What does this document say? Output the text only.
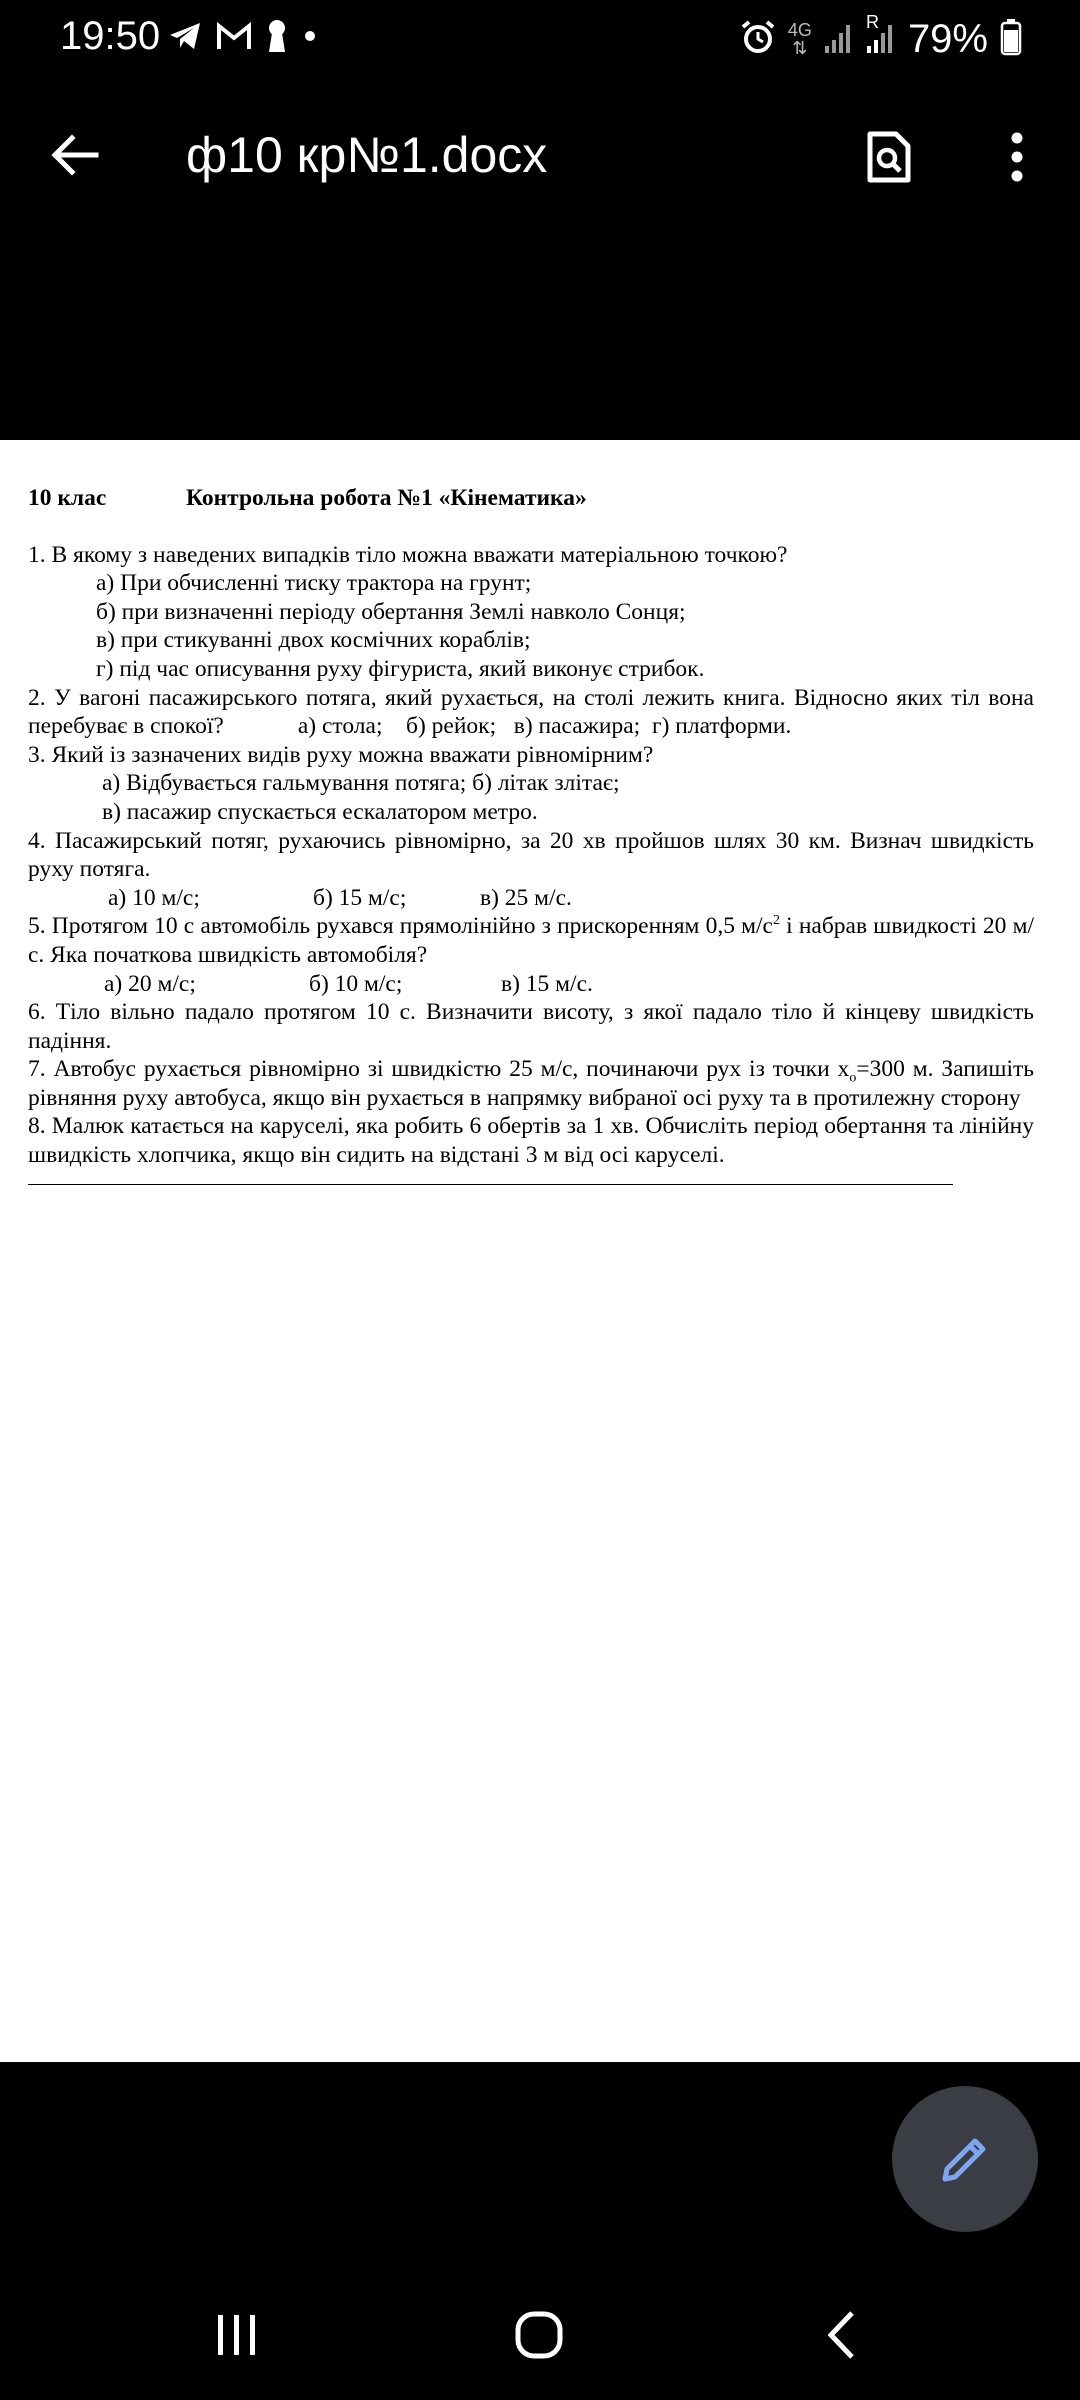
19:50	4G
⇅
R 79%
ф10 кр№1.docx
10 клас	Контрольна робота №1 «Кінематика»
1. В якому з наведених випадків тіло можна вважати матеріальною точкою?
а) При обчисленні тиску трактора на грунт;
б) при визначенні періоду обертання Землі навколо Сонця;
в) при стикуванні двох космічних кораблів;
г) під час описування руху фігуриста, який виконує стрибок.
2. У вагоні пасажирського потяга, який рухається, на столі лежить книга. Відносно яких тіл вона перебуває в спокої?	а) стола;    б) рейок;   в) пасажира;  г) платформи.
3. Який із зазначених видів руху можна вважати рівномірним?
а) Відбувається гальмування потяга; б) літак злітає;
в) пасажир спускається ескалатором метро.
4. Пасажирський потяг, рухаючись рівномірно, за 20 хв пройшов шлях 30 км. Визнач швидкість руху потяга.
а) 10 м/с;	б) 15 м/с;	в) 25 м/с.
5. Протягом 10 с автомобіль рухався прямолінійно з прискоренням 0,5 $м/с^2$ і набрав швидкості 20 м/с. Яка початкова швидкість автомобіля?
а) 20 м/с;	б) 10 м/с;	в) 15 м/с.
6. Тіло вільно падало протягом 10 с. Визначити висоту, з якої падало тіло й кінцеву швидкість падіння.
7. Автобус рухається рівномірно зі швидкістю 25 м/с, починаючи рух із точки $x_o=300$ м. Запишіть рівняння руху автобуса, якщо він рухається в напрямку вибраної осі руху та в протилежну сторону
8. Малюк катається на каруселі, яка робить 6 обертів за 1 хв. Обчисліть період обертання та лінійну швидкість хлопчика, якщо він сидить на відстані 3 м від осі каруселі.
